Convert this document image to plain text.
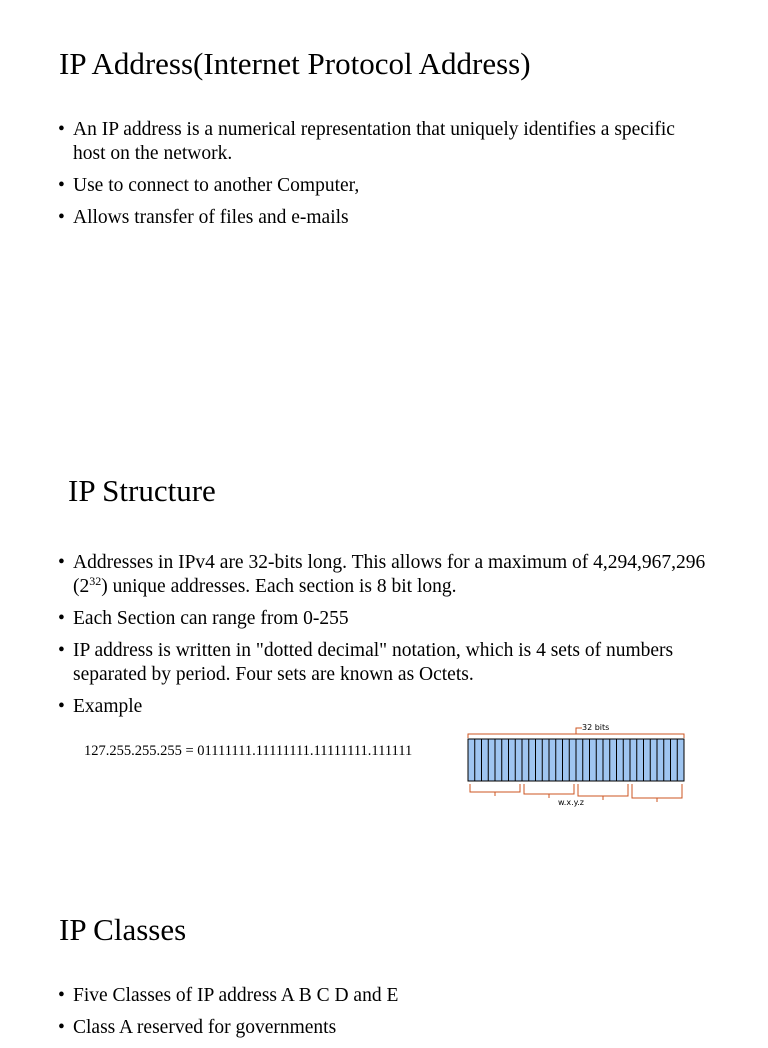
IP Address(Internet Protocol Address)
• An IP address is a numerical representation that uniquely identifies a specific host on the network.
• Use to connect to another Computer,
• Allows transfer of files and e-mails
IP Structure
• Addresses in IPv4 are 32-bits long. This allows for a maximum of 4,294,967,296 $(2^{32})$ unique addresses. Each section is 8 bit long.
• Each Section can range from 0-255
• IP address is written in "dotted decimal" notation, which is 4 sets of numbers separated by period. Four sets are known as Octets.
• Example
127.255.255.255 = 01111111.11111111.11111111.111111
32 bits
w.x.y.z
IP Classes
• Five Classes of IP address A B C D and E
• Class A reserved for governments
